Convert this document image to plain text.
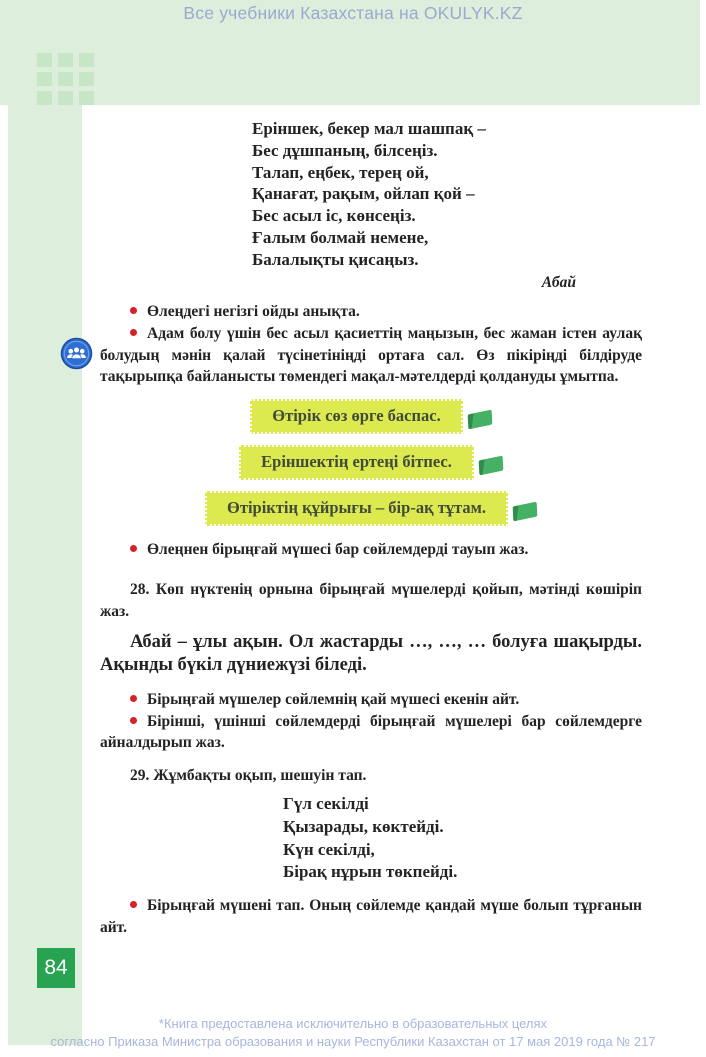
Все учебники Казахстана на OKULYK.KZ
Еріншек, бекер мал шашпақ –
Бес дұшпаның, білсеңіз.
Талап, еңбек, терең ой,
Қанағат, рақым, ойлап қой –
Бес асыл іс, көнсеңіз.
Ғалым болмай немене,
Балалықты қисаңыз.
Абай
Өлеңдегі негізгі ойды анықта.
Адам болу үшін бес асыл қасиеттің маңызын, бес жаман істен аулақ болудың мәнін қалай түсінетініңді ортаға сал. Өз пікіріңді білдіруде тақырыпқа байланысты төмендегі мақал-мәтелдерді қолдануды ұмытпа.
Өтірік сөз өрге баспас.
Еріншектің ертеңі бітпес.
Өтіріктің құйрығы – бір-ақ тұтам.
Өлеңнен бірыңғай мүшесі бар сөйлемдерді тауып жаз.
28. Көп нүктенің орнына бірыңғай мүшелерді қойып, мәтінді көшіріп жаз.
Абай – ұлы ақын. Ол жастарды …, …, … болуға шақырды. Ақынды бүкіл дүниежүзі біледі.
Бірыңғай мүшелер сөйлемнің қай мүшесі екенін айт.
Бірінші, үшінші сөйлемдерді бірыңғай мүшелері бар сөйлемдерге айналдырып жаз.
29. Жұмбақты оқып, шешуін тап.
Гүл секілді
Қызарады, көктейді.
Күн секілді,
Бірақ нұрын төкпейді.
Бірыңғай мүшені тап. Оның сөйлемде қандай мүше болып тұрғанын айт.
84
*Книга предоставлена исключительно в образовательных целях
согласно Приказа Министра образования и науки Республики Казахстан от 17 мая 2019 года № 217
